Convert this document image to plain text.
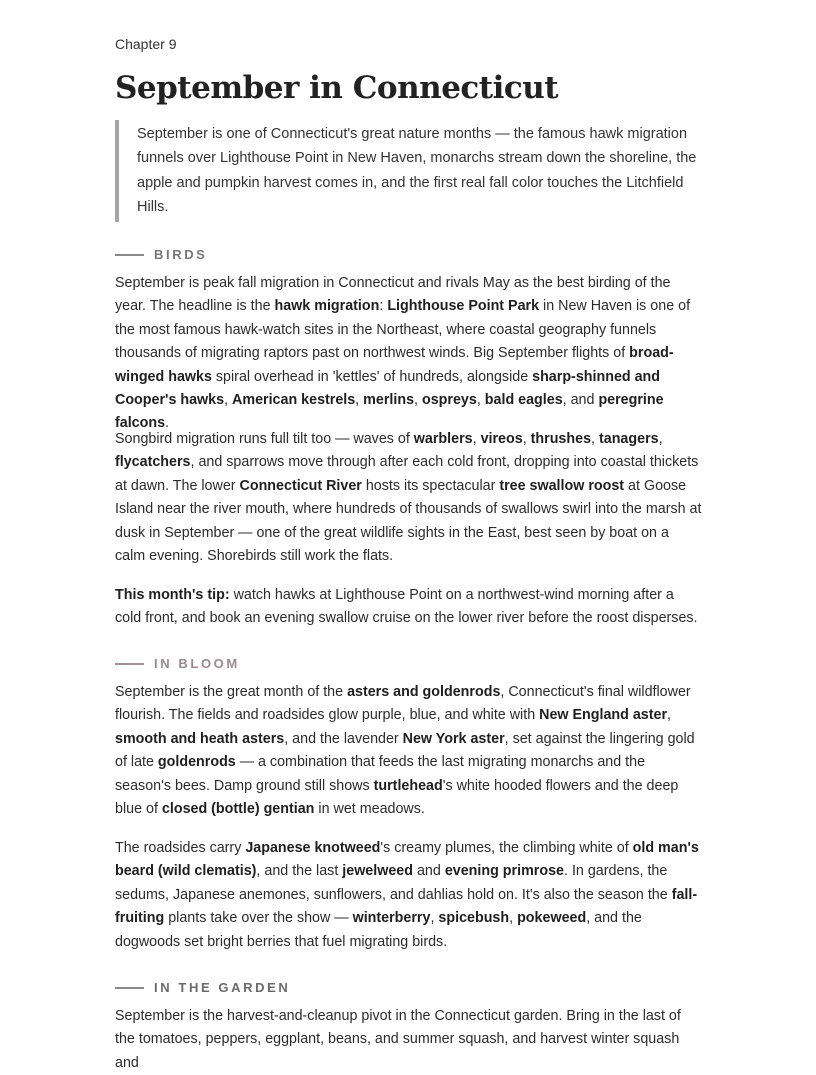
Chapter 9
September in Connecticut
September is one of Connecticut's great nature months — the famous hawk migration funnels over Lighthouse Point in New Haven, monarchs stream down the shoreline, the apple and pumpkin harvest comes in, and the first real fall color touches the Litchfield Hills.
BIRDS

September is peak fall migration in Connecticut and rivals May as the best birding of the year. The headline is the hawk migration: Lighthouse Point Park in New Haven is one of the most famous hawk-watch sites in the Northeast, where coastal geography funnels thousands of migrating raptors past on northwest winds. Big September flights of broad-winged hawks spiral overhead in 'kettles' of hundreds, alongside sharp-shinned and Cooper's hawks, American kestrels, merlins, ospreys, bald eagles, and peregrine falcons.

Songbird migration runs full tilt too — waves of warblers, vireos, thrushes, tanagers, flycatchers, and sparrows move through after each cold front, dropping into coastal thickets at dawn. The lower Connecticut River hosts its spectacular tree swallow roost at Goose Island near the river mouth, where hundreds of thousands of swallows swirl into the marsh at dusk in September — one of the great wildlife sights in the East, best seen by boat on a calm evening. Shorebirds still work the flats.

This month's tip: watch hawks at Lighthouse Point on a northwest-wind morning after a cold front, and book an evening swallow cruise on the lower river before the roost disperses.

IN BLOOM

September is the great month of the asters and goldenrods, Connecticut's final wildflower flourish. The fields and roadsides glow purple, blue, and white with New England aster, smooth and heath asters, and the lavender New York aster, set against the lingering gold of late goldenrods — a combination that feeds the last migrating monarchs and the season's bees. Damp ground still shows turtlehead's white hooded flowers and the deep blue of closed (bottle) gentian in wet meadows.

The roadsides carry Japanese knotweed's creamy plumes, the climbing white of old man's beard (wild clematis), and the last jewelweed and evening primrose. In gardens, the sedums, Japanese anemones, sunflowers, and dahlias hold on. It's also the season the fall-fruiting plants take over the show — winterberry, spicebush, pokeweed, and the dogwoods set bright berries that fuel migrating birds.

IN THE GARDEN

September is the harvest-and-cleanup pivot in the Connecticut garden. Bring in the last of the tomatoes, peppers, eggplant, beans, and summer squash, and harvest winter squash and
